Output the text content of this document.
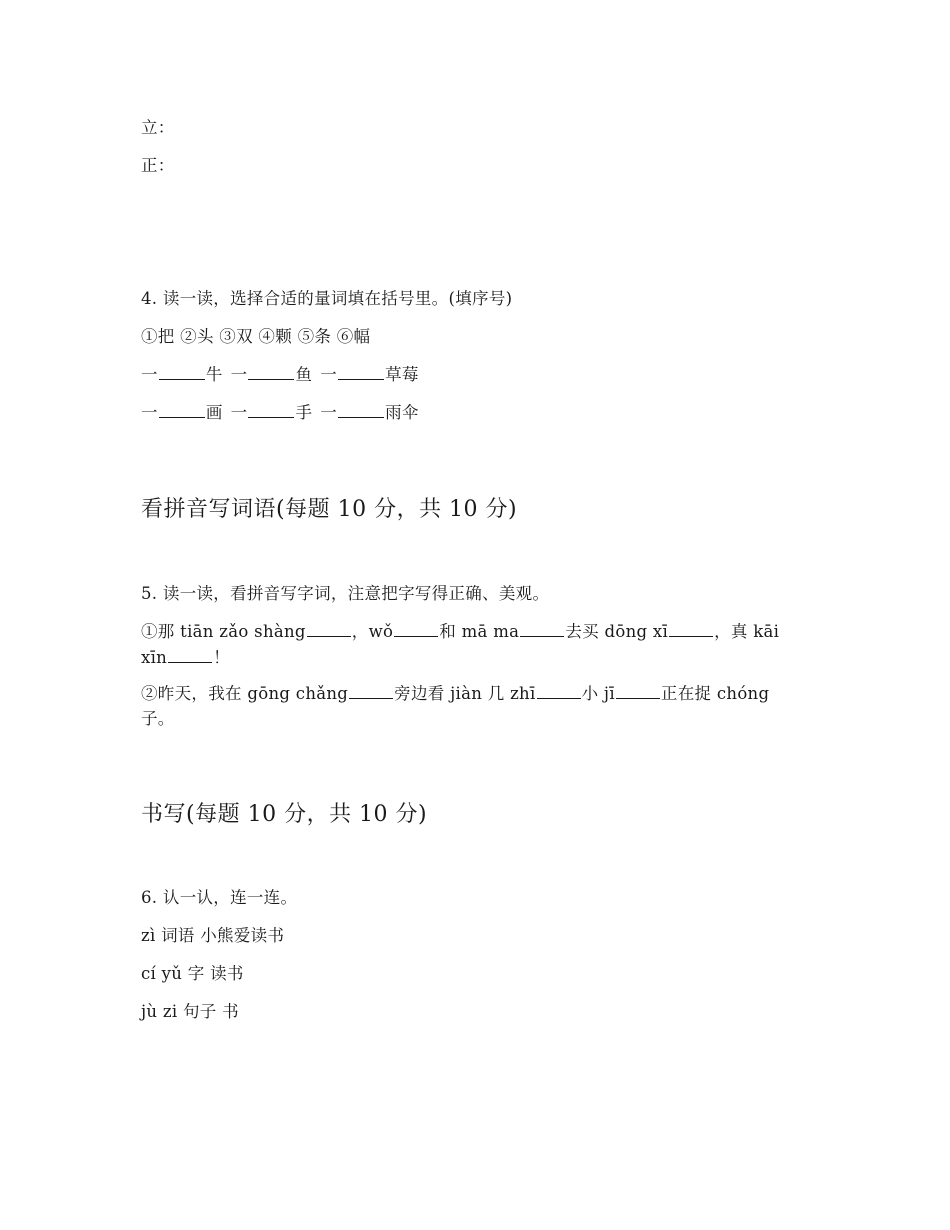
立：
正：
4. 读一读，选择合适的量词填在括号里。(填序号)
①把 ②头 ③双 ④颗 ⑤条 ⑥幅
一	牛 一	鱼 一	草莓
一	画 一	手 一	雨伞
看拼音写词语(每题 10 分，共 10 分)
5. 读一读，看拼音写字词，注意把字写得正确、美观。
①那 tiān zǎo shàng	，wǒ	和 mā ma	去买 dōng xī	，真 kāi
xīn	！
②昨天，我在 gōng chǎng	旁边看 jiàn 几 zhī	小 jī	正在捉 chóng
子。
书写(每题 10 分，共 10 分)
6. 认一认，连一连。
zì 词语 小熊爱读书
cí yǔ 字 读书
jù zi 句子 书
